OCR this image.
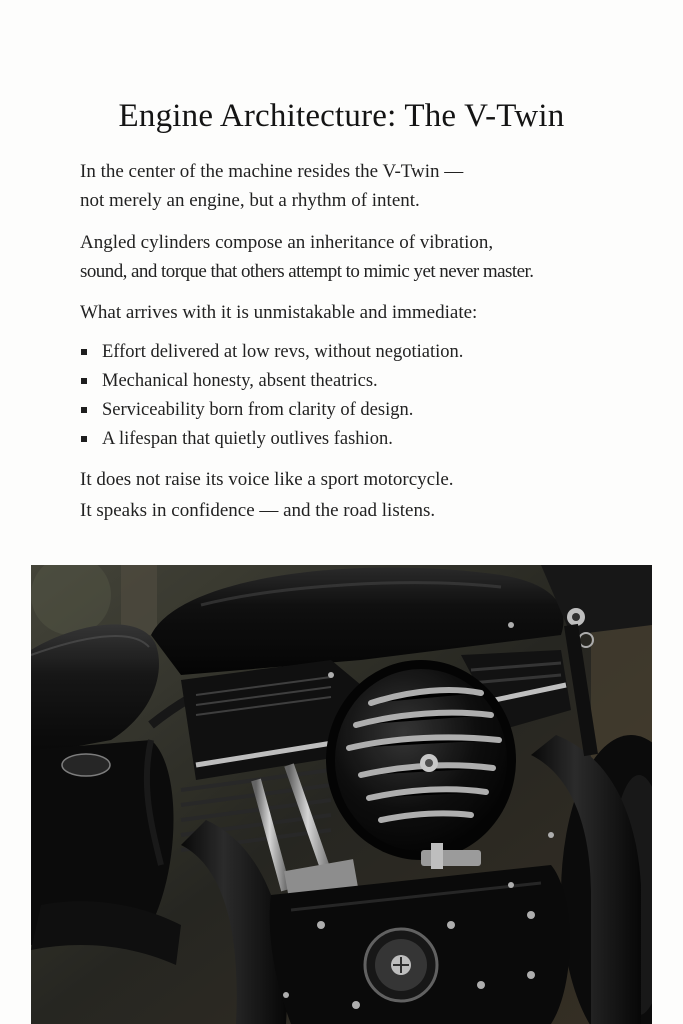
Engine Architecture: The V-Twin

In the center of the machine resides the V-Twin —
not merely an engine, but a rhythm of intent.

Angled cylinders compose an inheritance of vibration,
sound, and torque that others attempt to mimic yet never master.

What arrives with it is unmistakable and immediate:

Effort delivered at low revs, without negotiation.
Mechanical honesty, absent theatrics.
Serviceability born from clarity of design.
A lifespan that quietly outlives fashion.

It does not raise its voice like a sport motorcycle.
It speaks in confidence — and the road listens.
